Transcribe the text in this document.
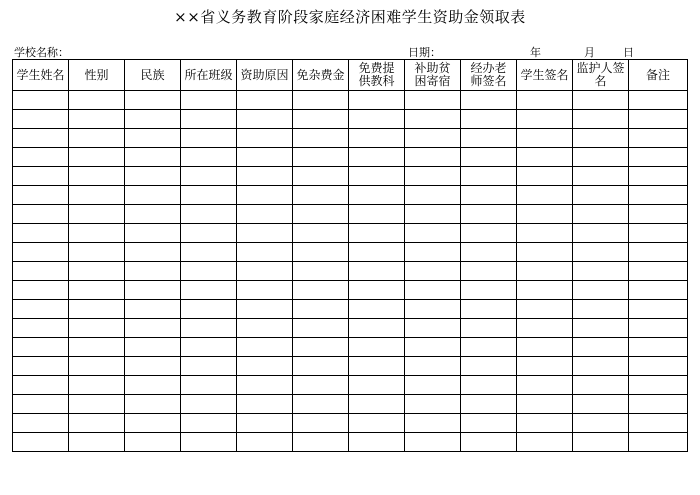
××省义务教育阶段家庭经济困难学生资助金领取表
学校名称：	日期：	年	月	日
学生姓名	性别	民族	所在班级	资助原因	免杂费金	免费提供教科	补助贫困寄宿	经办老师签名	学生签名	监护人签名	备注
